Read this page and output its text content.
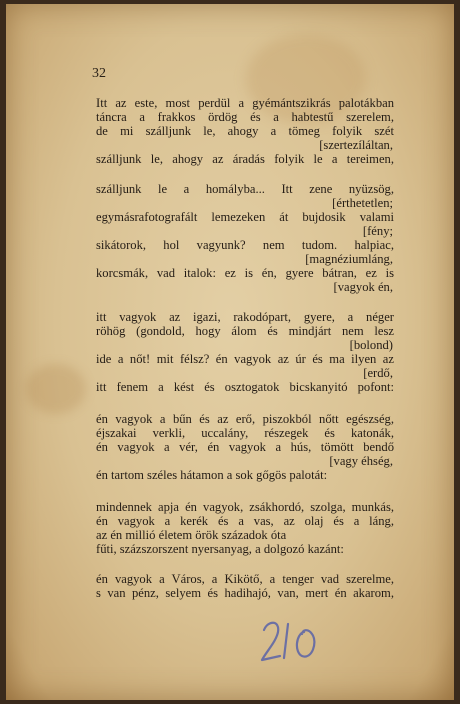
32
Itt az este, most perdül a gyémántszikrás palotákban
táncra a frakkos ördög és a habtestű szerelem,
de mi szálljunk le, ahogy a tömeg folyik szét
[szertezíláltan,
szálljunk le, ahogy az áradás folyik le a tereimen,
szálljunk le a homályba... Itt zene nyüzsög,
[érthetetlen;
egymásrafotografált lemezeken át bujdosik valami
[fény;
sikátorok, hol vagyunk? nem tudom. halpiac,
[magnéziumláng,
korcsmák, vad italok: ez is én, gyere bátran, ez is
[vagyok én,
itt vagyok az igazi, rakodópart, gyere, a néger
röhög (gondold, hogy álom és mindjárt nem lesz
[bolond)
ide a nőt! mit félsz? én vagyok az úr és ma ilyen az
[erdő,
itt fenem a kést és osztogatok bicskanyitó pofont:
én vagyok a bűn és az erő, piszokból nőtt egészség,
éjszakai verkli, uccalány, részegek és katonák,
én vagyok a vér, én vagyok a hús, tömött bendő
[vagy éhség,
én tartom széles hátamon a sok gőgös palotát:
mindennek apja én vagyok, zsákhordó, szolga, munkás,
én vagyok a kerék és a vas, az olaj és a láng,
az én millió életem örök századok óta
fűti, százszorszent nyersanyag, a dolgozó kazánt:
én vagyok a Város, a Kikötő, a tenger vad szerelme,
s van pénz, selyem és hadihajó, van, mert én akarom,
